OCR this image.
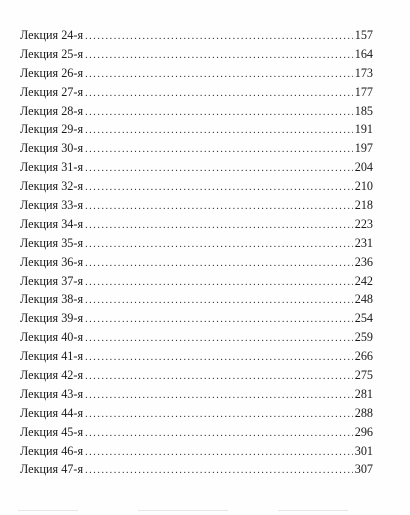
Лекция 24-я .....	157
Лекция 25-я .....	164
Лекция 26-я .....	173
Лекция 27-я .....	177
Лекция 28-я .....	185
Лекция 29-я .....	191
Лекция 30-я .....	197
Лекция 31-я .....	204
Лекция 32-я .....	210
Лекция 33-я .....	218
Лекция 34-я .....	223
Лекция 35-я .....	231
Лекция 36-я .....	236
Лекция 37-я .....	242
Лекция 38-я .....	248
Лекция 39-я .....	254
Лекция 40-я .....	259
Лекция 41-я .....	266
Лекция 42-я .....	275
Лекция 43-я .....	281
Лекция 44-я .....	288
Лекция 45-я .....	296
Лекция 46-я .....	301
Лекция 47-я .....	307
